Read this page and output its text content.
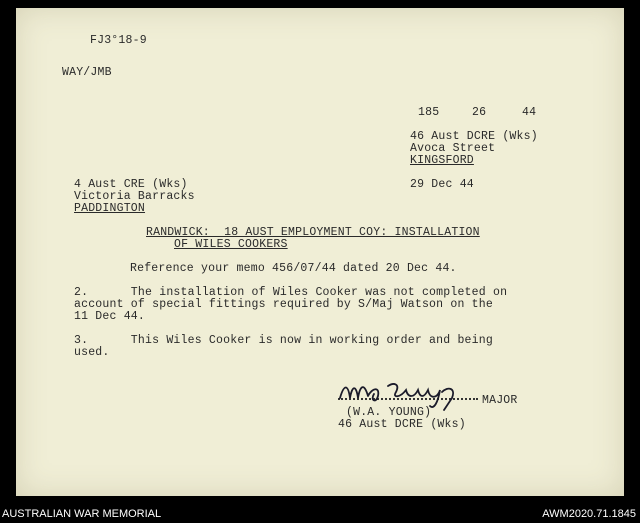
FJ3°18-9
WAY/JMB
185	26	44
46 Aust DCRE (Wks)
Avoca Street
KINGSFORD
4 Aust CRE (Wks)	29 Dec 44
Victoria Barracks
PADDINGTON
RANDWICK:  18 AUST EMPLOYMENT COY: INSTALLATION
OF WILES COOKERS
Reference your memo 456/07/44 dated 20 Dec 44.
2.      The installation of Wiles Cooker was not completed on
account of special fittings required by S/Maj Watson on the
11 Dec 44.
3.      This Wiles Cooker is now in working order and being
used.
MAJOR
(W.A. YOUNG)
46 Aust DCRE (Wks)
AUSTRALIAN WAR MEMORIAL	AWM2020.71.1845
